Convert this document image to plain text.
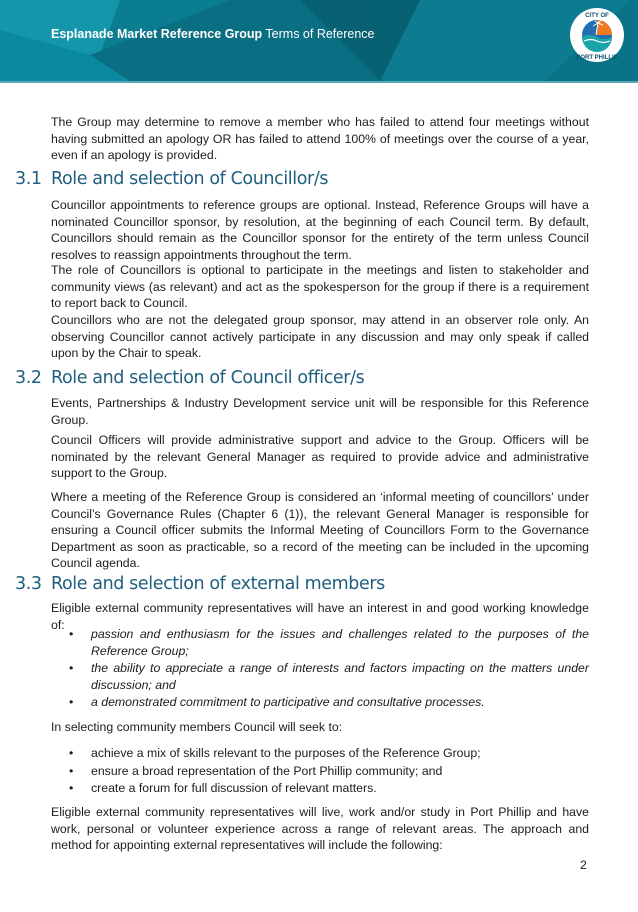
Esplanade Market Reference Group Terms of Reference
CITY OF
PORT PHILLIP

The Group may determine to remove a member who has failed to attend four meetings without having submitted an apology OR has failed to attend 100% of meetings over the course of a year, even if an apology is provided.

3.1 Role and selection of Councillor/s

Councillor appointments to reference groups are optional. Instead, Reference Groups will have a nominated Councillor sponsor, by resolution, at the beginning of each Council term. By default, Councillors should remain as the Councillor sponsor for the entirety of the term unless Council resolves to reassign appointments throughout the term.

The role of Councillors is optional to participate in the meetings and listen to stakeholder and community views (as relevant) and act as the spokesperson for the group if there is a requirement to report back to Council.

Councillors who are not the delegated group sponsor, may attend in an observer role only. An observing Councillor cannot actively participate in any discussion and may only speak if called upon by the Chair to speak.

3.2 Role and selection of Council officer/s

Events, Partnerships & Industry Development service unit will be responsible for this Reference Group.

Council Officers will provide administrative support and advice to the Group. Officers will be nominated by the relevant General Manager as required to provide advice and administrative support to the Group.

Where a meeting of the Reference Group is considered an ‘informal meeting of councillors’ under Council’s Governance Rules (Chapter 6 (1)), the relevant General Manager is responsible for ensuring a Council officer submits the Informal Meeting of Councillors Form to the Governance Department as soon as practicable, so a record of the meeting can be included in the upcoming Council agenda.

3.3 Role and selection of external members

Eligible external community representatives will have an interest in and good working knowledge of:

• passion and enthusiasm for the issues and challenges related to the purposes of the Reference Group;
• the ability to appreciate a range of interests and factors impacting on the matters under discussion; and
• a demonstrated commitment to participative and consultative processes.

In selecting community members Council will seek to:

• achieve a mix of skills relevant to the purposes of the Reference Group;
• ensure a broad representation of the Port Phillip community; and
• create a forum for full discussion of relevant matters.

Eligible external community representatives will live, work and/or study in Port Phillip and have work, personal or volunteer experience across a range of relevant areas. The approach and method for appointing external representatives will include the following:

2
